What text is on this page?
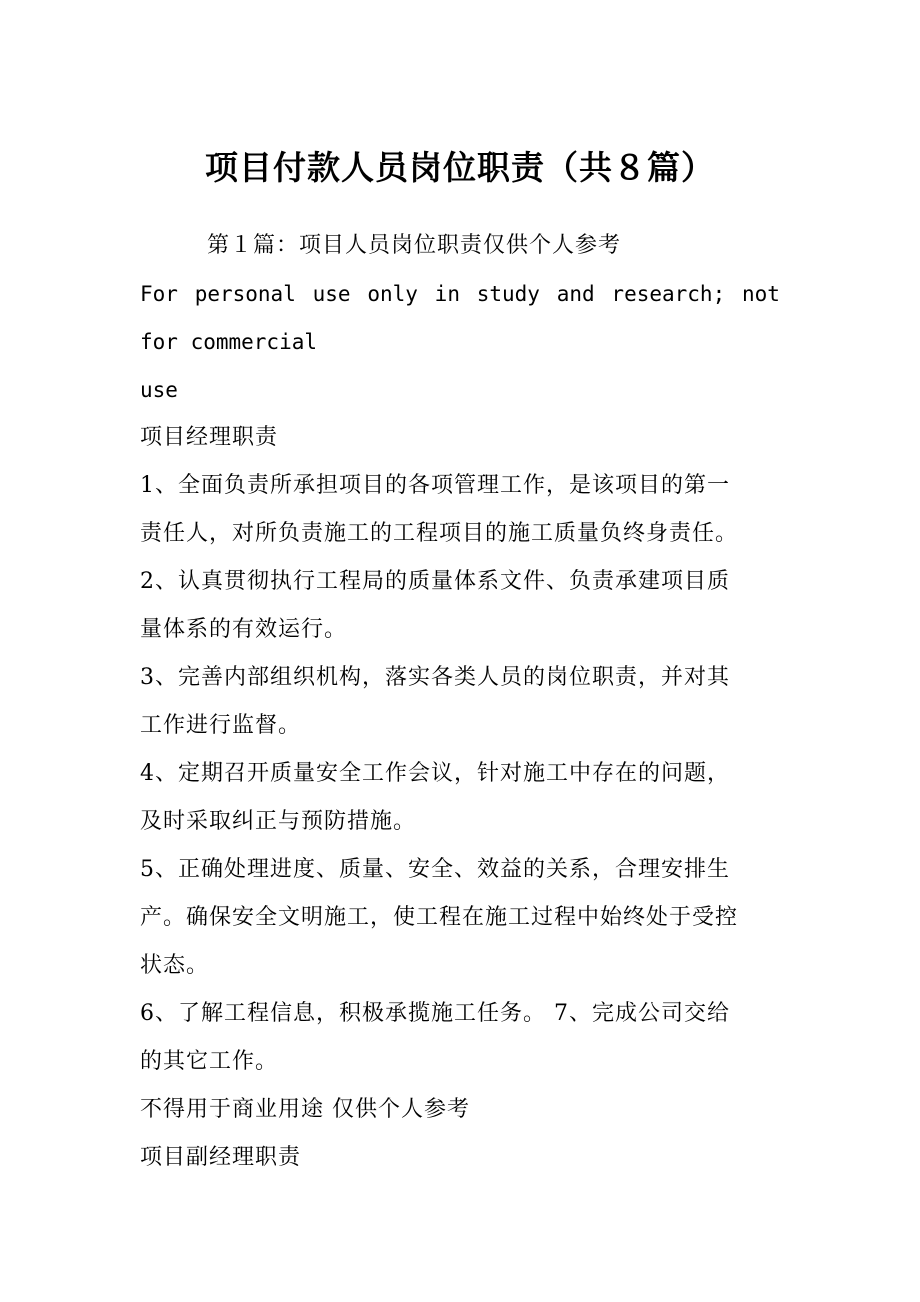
项目付款人员岗位职责（共８篇）
第１篇：项目人员岗位职责仅供个人参考
For personal use only in study and research; not
for commercial
use
项目经理职责
1、全面负责所承担项目的各项管理工作，是该项目的第一
责任人，对所负责施工的工程项目的施工质量负终身责任。
2、认真贯彻执行工程局的质量体系文件、负责承建项目质
量体系的有效运行。
3、完善内部组织机构，落实各类人员的岗位职责，并对其
工作进行监督。
4、定期召开质量安全工作会议，针对施工中存在的问题，
及时采取纠正与预防措施。
5、正确处理进度、质量、安全、效益的关系，合理安排生
产。确保安全文明施工，使工程在施工过程中始终处于受控
状态。
6、了解工程信息，积极承揽施工任务。 7、完成公司交给
的其它工作。
不得用于商业用途 仅供个人参考
项目副经理职责
